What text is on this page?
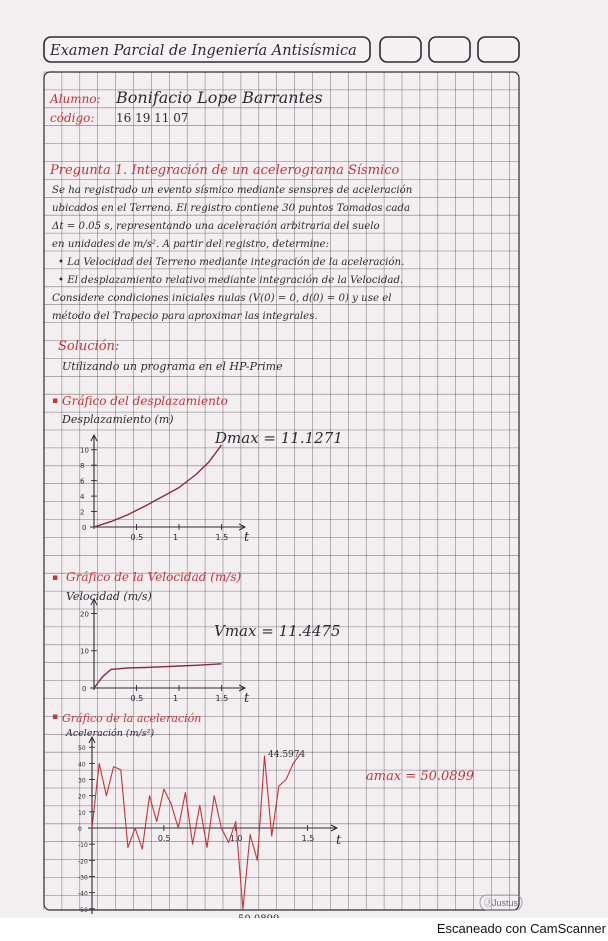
Examen Parcial de Ingeniería Antisísmica
Alumno: Bonifacio Lope Barrantes
código: 16 19 11 07
Pregunta 1. Integración de un acelerograma Sísmico
Se ha registrado un evento sísmico mediante sensores de aceleración
ubicados en el Terreno. El registro contiene 30 puntos Tomados cada
Δt = 0.05 s, representando una aceleración arbitraria del suelo
en unidades de m/s². A partir del registro, determine:
• La Velocidad del Terreno mediante integración de la aceleración.
• El desplazamiento relativo mediante integración de la Velocidad.
Considere condiciones iniciales nulas (V(0) = 0, d(0) = 0) y use el
método del Trapecio para aproximar las integrales.
Solución:
Utilizando un programa en el HP-Prime
▪ Gráfico del desplazamiento
Desplazamiento (m)
Dmax = 11.1271
▪ Gráfico de la Velocidad (m/s)
Velocidad (m/s)
Vmax = 11.4475
▪ Gráfico de la aceleración
Aceleración (m/s²)
amax = 50.0899
44.5974
t
0.5	1	1.5
2
4
6
8
10
0
t
0.5	1	1.5
10
20
0
t
0.5	1.0	1.5
-50
-40
-30
-20
-10
0
10
20
30
40
50
Ⓙ
Justus
Escaneado con CamScanner
